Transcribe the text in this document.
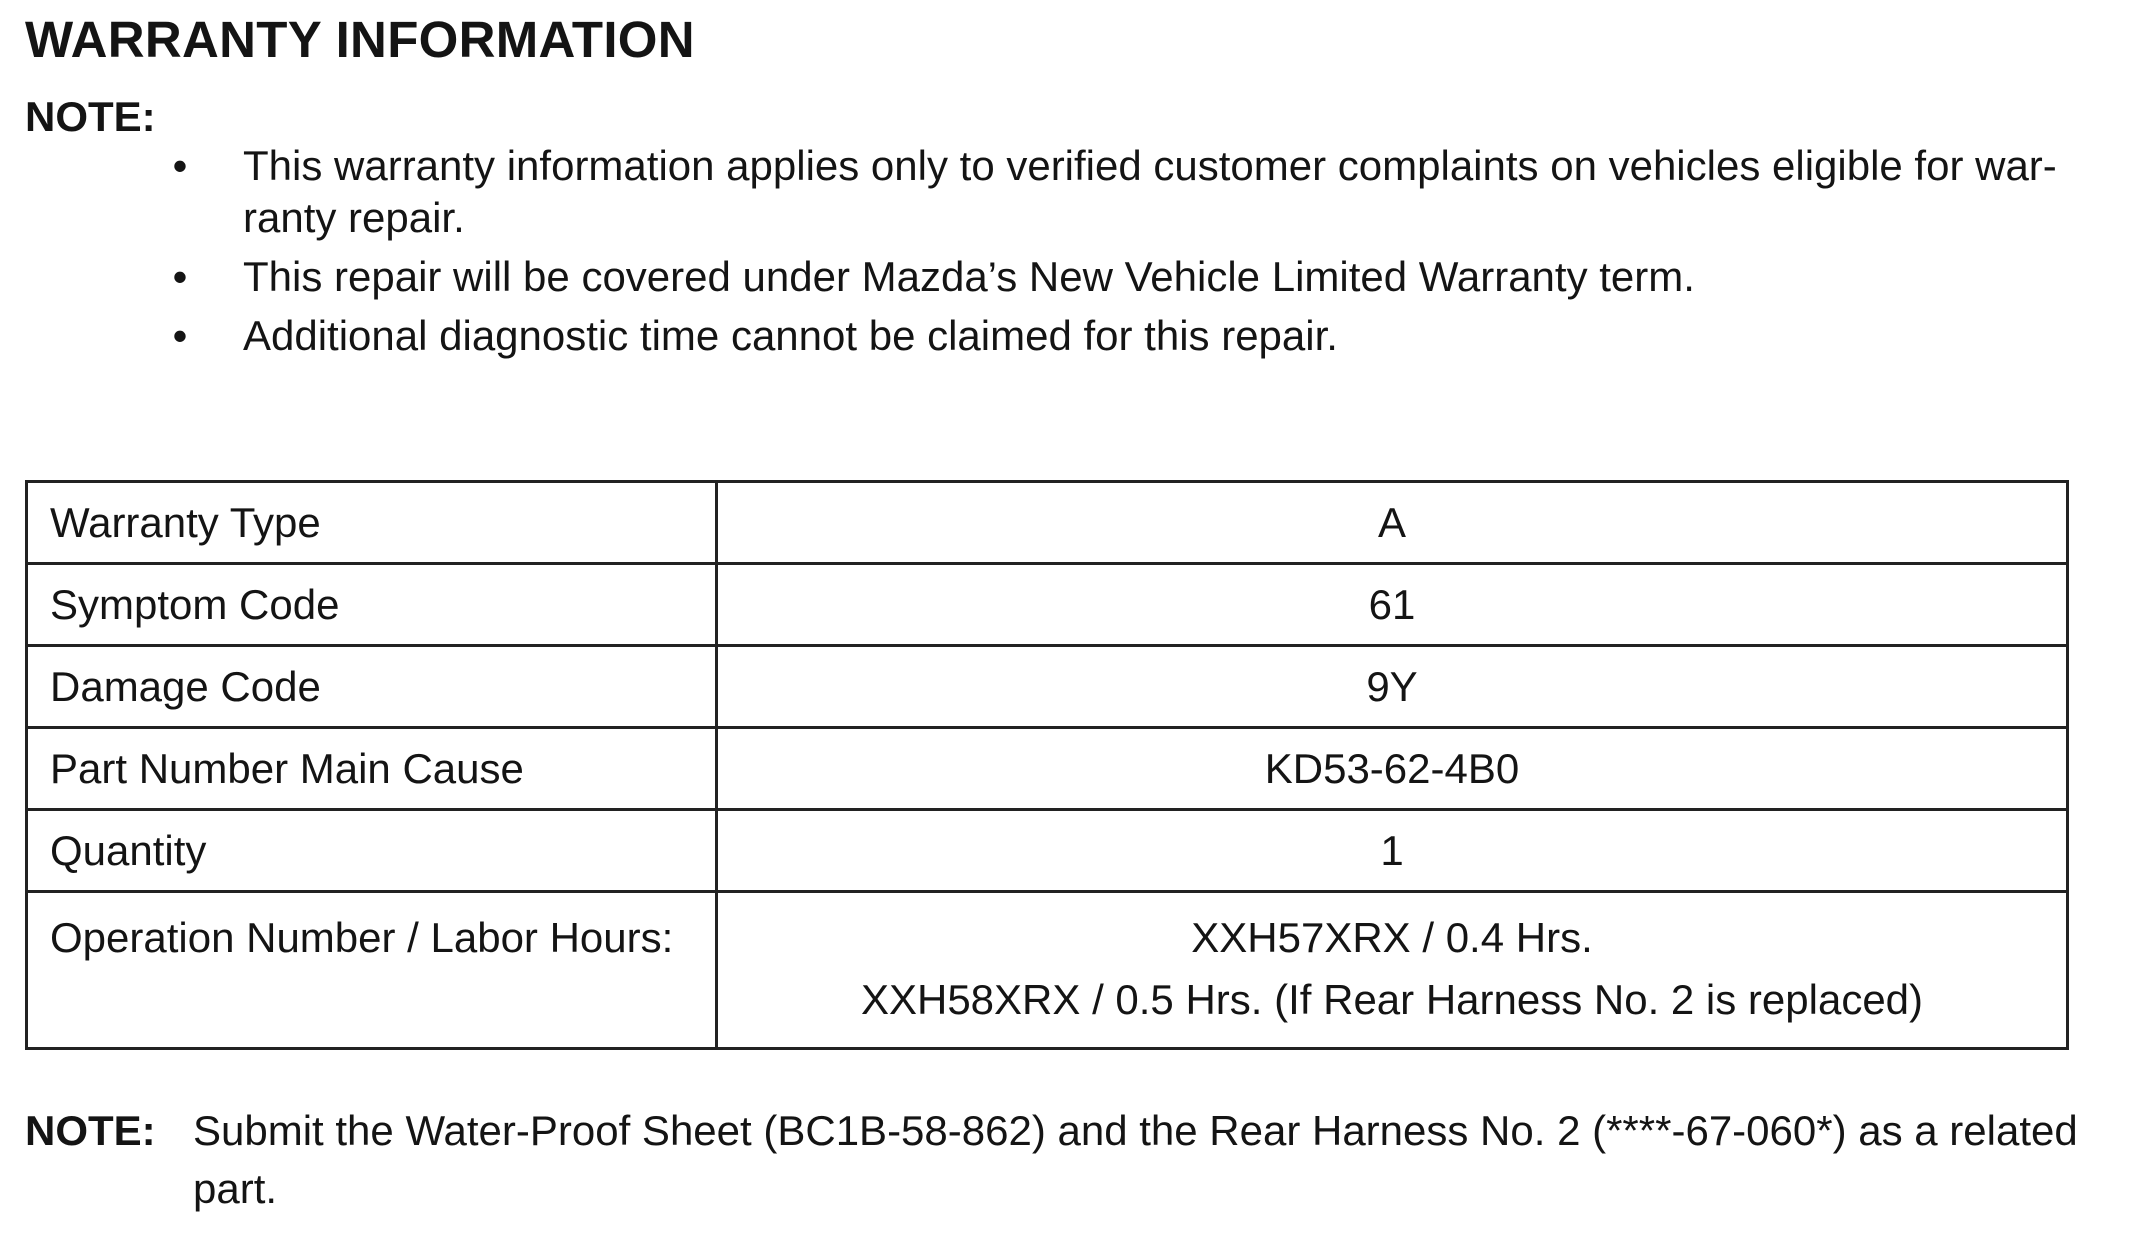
WARRANTY INFORMATION
NOTE:
•	This warranty information applies only to verified customer complaints on vehicles eligible for war- ranty repair.
•	This repair will be covered under Mazda’s New Vehicle Limited Warranty term.
•	Additional diagnostic time cannot be claimed for this repair.
Warranty Type	A
Symptom Code	61
Damage Code	9Y
Part Number Main Cause	KD53-62-4B0
Quantity	1
Operation Number / Labor Hours:	XXH57XRX / 0.4 Hrs.
XXH58XRX / 0.5 Hrs. (If Rear Harness No. 2 is replaced)
NOTE: Submit the Water-Proof Sheet (BC1B-58-862) and the Rear Harness No. 2 (****-67-060*) as a related part.
